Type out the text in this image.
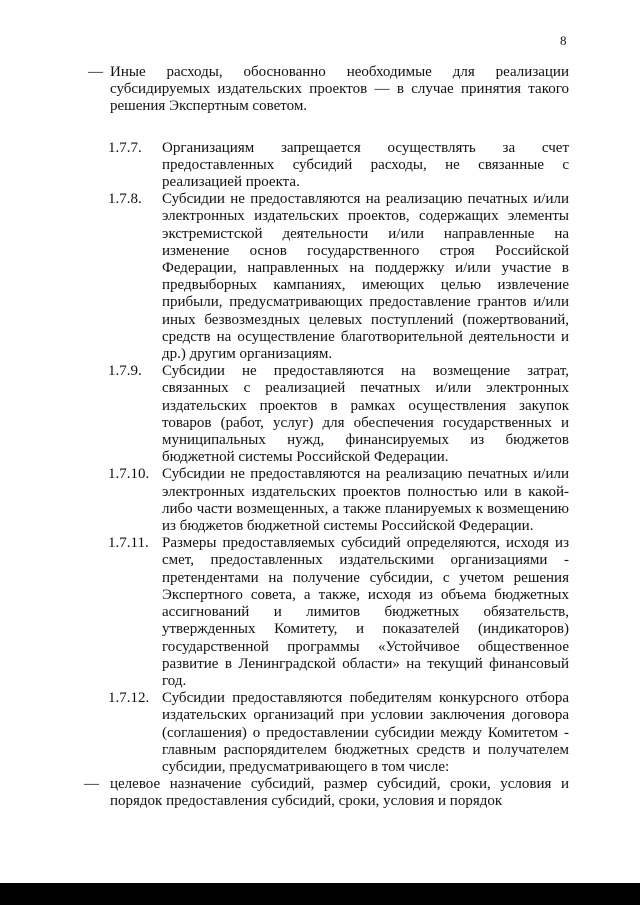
8

— Иные расходы, обоснованно необходимые для реализации субсидируемых издательских проектов — в случае принятия такого решения Экспертным советом.

1.7.7. Организациям запрещается осуществлять за счет предоставленных субсидий расходы, не связанные с реализацией проекта.

1.7.8. Субсидии не предоставляются на реализацию печатных и/или электронных издательских проектов, содержащих элементы экстремистской деятельности и/или направленные на изменение основ государственного строя Российской Федерации, направленных на поддержку и/или участие в предвыборных кампаниях, имеющих целью извлечение прибыли, предусматривающих предоставление грантов и/или иных безвозмездных целевых поступлений (пожертвований, средств на осуществление благотворительной деятельности и др.) другим организациям.

1.7.9. Субсидии не предоставляются на возмещение затрат, связанных с реализацией печатных и/или электронных издательских проектов в рамках осуществления закупок товаров (работ, услуг) для обеспечения государственных и муниципальных нужд, финансируемых из бюджетов бюджетной системы Российской Федерации.

1.7.10. Субсидии не предоставляются на реализацию печатных и/или электронных издательских проектов полностью или в какой-либо части возмещенных, а также планируемых к возмещению из бюджетов бюджетной системы Российской Федерации.

1.7.11. Размеры предоставляемых субсидий определяются, исходя из смет, предоставленных издательскими организациями - претендентами на получение субсидии, с учетом решения Экспертного совета, а также, исходя из объема бюджетных ассигнований и лимитов бюджетных обязательств, утвержденных Комитету, и показателей (индикаторов) государственной программы «Устойчивое общественное развитие в Ленинградской области» на текущий финансовый год.

1.7.12. Субсидии предоставляются победителям конкурсного отбора издательских организаций при условии заключения договора (соглашения) о предоставлении субсидии между Комитетом - главным распорядителем бюджетных средств и получателем субсидии, предусматривающего в том числе:

— целевое назначение субсидий, размер субсидий, сроки, условия и порядок предоставления субсидий, сроки, условия и порядок
